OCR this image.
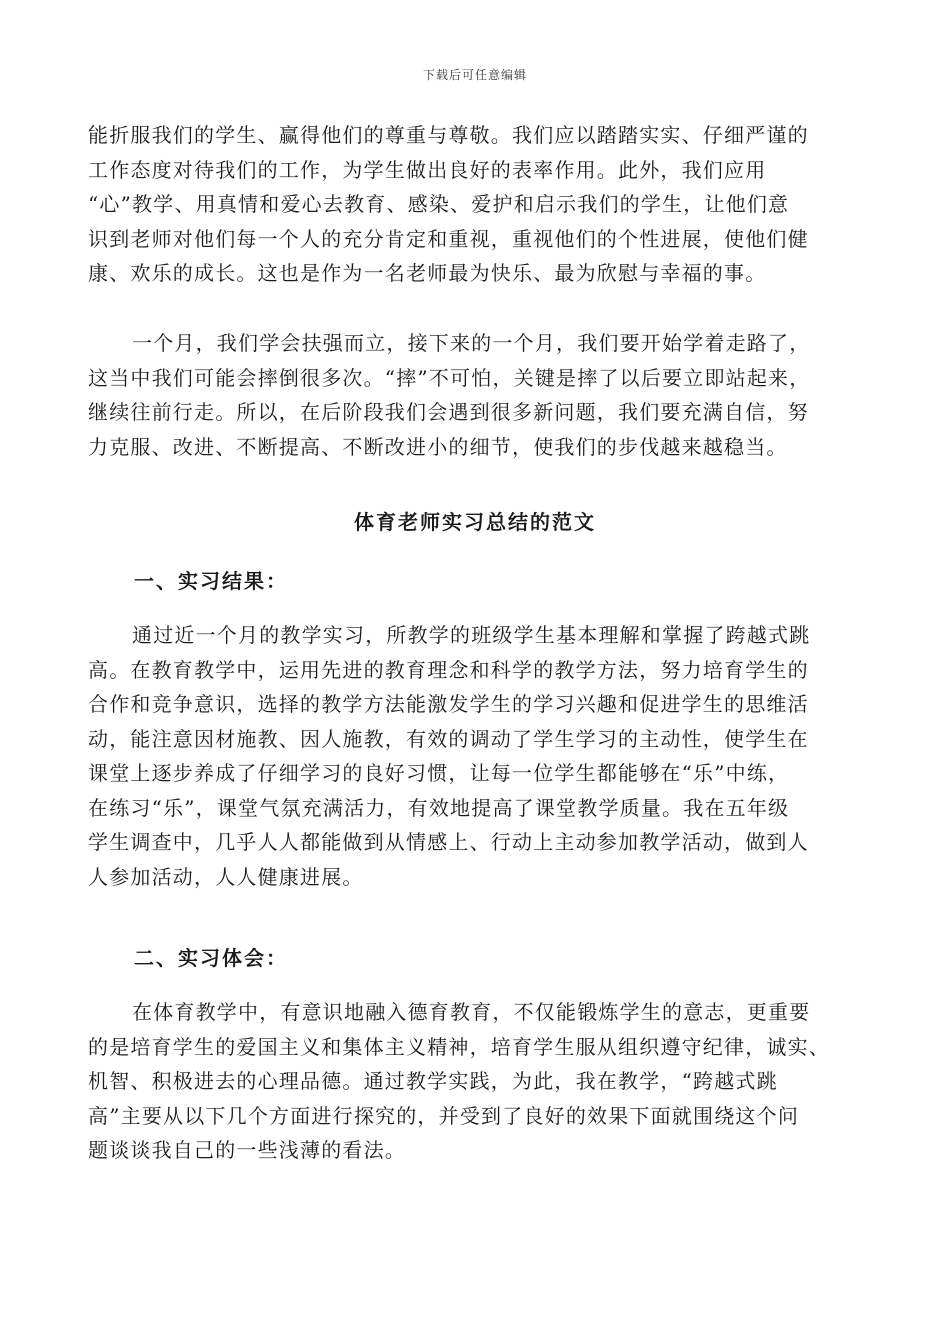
下载后可任意编辑
能折服我们的学生、赢得他们的尊重与尊敬。我们应以踏踏实实、仔细严谨的
工作态度对待我们的工作，为学生做出良好的表率作用。此外，我们应用
“心”教学、用真情和爱心去教育、感染、爱护和启示我们的学生，让他们意
识到老师对他们每一个人的充分肯定和重视，重视他们的个性进展，使他们健
康、欢乐的成长。这也是作为一名老师最为快乐、最为欣慰与幸福的事。
一个月，我们学会扶强而立，接下来的一个月，我们要开始学着走路了，
这当中我们可能会摔倒很多次。“摔”不可怕，关键是摔了以后要立即站起来，
继续往前行走。所以，在后阶段我们会遇到很多新问题，我们要充满自信，努
力克服、改进、不断提高、不断改进小的细节，使我们的步伐越来越稳当。
体育老师实习总结的范文
一、实习结果：
通过近一个月的教学实习，所教学的班级学生基本理解和掌握了跨越式跳
高。在教育教学中，运用先进的教育理念和科学的教学方法，努力培育学生的
合作和竞争意识，选择的教学方法能激发学生的学习兴趣和促进学生的思维活
动，能注意因材施教、因人施教，有效的调动了学生学习的主动性，使学生在
课堂上逐步养成了仔细学习的良好习惯，让每一位学生都能够在“乐”中练，
在练习“乐”，课堂气氛充满活力，有效地提高了课堂教学质量。我在五年级
学生调查中，几乎人人都能做到从情感上、行动上主动参加教学活动，做到人
人参加活动，人人健康进展。
二、实习体会：
在体育教学中，有意识地融入德育教育，不仅能锻炼学生的意志，更重要
的是培育学生的爱国主义和集体主义精神，培育学生服从组织遵守纪律，诚实、
机智、积极进去的心理品德。通过教学实践，为此，我在教学，“跨越式跳
高”主要从以下几个方面进行探究的，并受到了良好的效果下面就围绕这个问
题谈谈我自己的一些浅薄的看法。
